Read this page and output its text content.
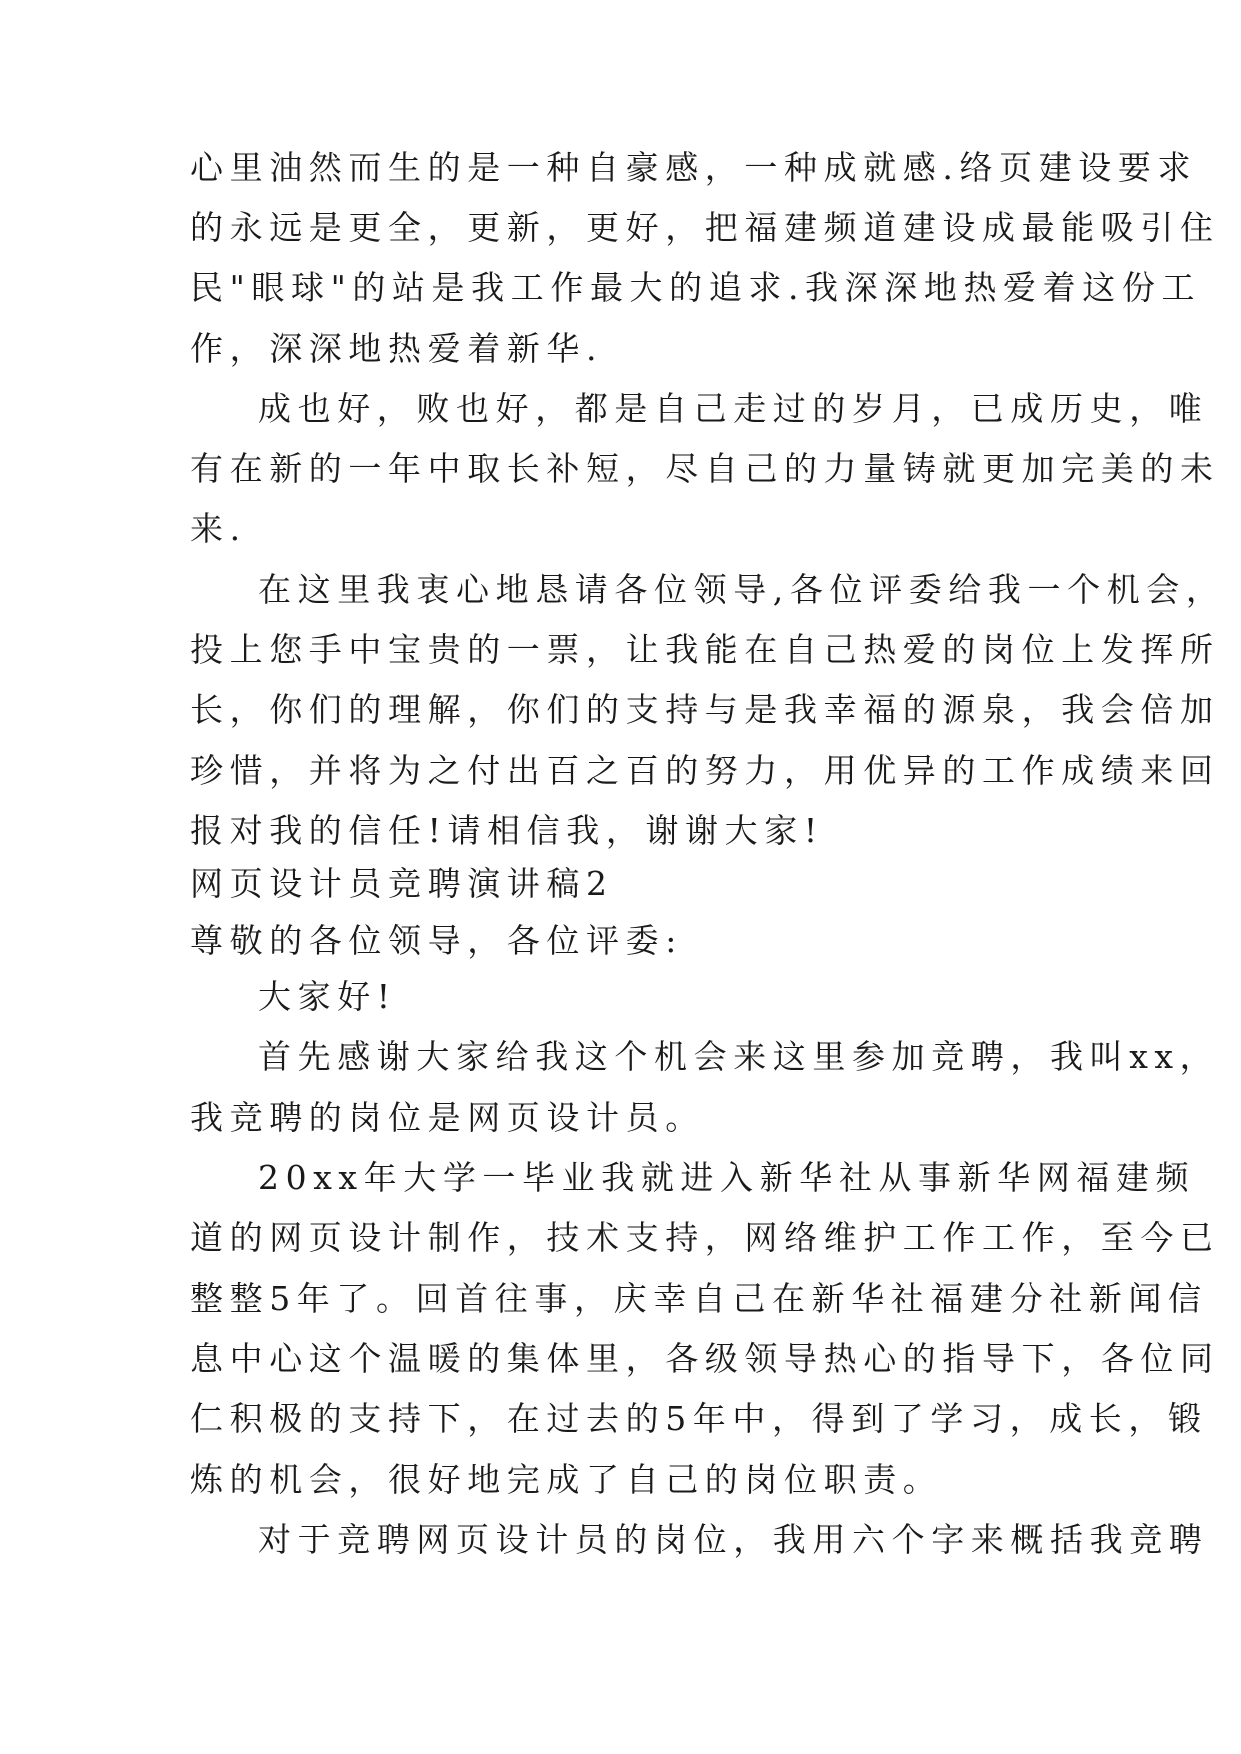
心里油然而生的是一种自豪感，一种成就感.络页建设要求
的永远是更全，更新，更好，把福建频道建设成最能吸引住
民"眼球"的站是我工作最大的追求.我深深地热爱着这份工
作，深深地热爱着新华.
成也好，败也好，都是自己走过的岁月，已成历史，唯
有在新的一年中取长补短，尽自己的力量铸就更加完美的未
来.
在这里我衷心地恳请各位领导,各位评委给我一个机会，
投上您手中宝贵的一票，让我能在自己热爱的岗位上发挥所
长，你们的理解，你们的支持与是我幸福的源泉，我会倍加
珍惜，并将为之付出百之百的努力，用优异的工作成绩来回
报对我的信任!请相信我，谢谢大家!
网页设计员竞聘演讲稿2
尊敬的各位领导，各位评委:
大家好!
首先感谢大家给我这个机会来这里参加竞聘，我叫xx，
我竞聘的岗位是网页设计员。
20xx年大学一毕业我就进入新华社从事新华网福建频
道的网页设计制作，技术支持，网络维护工作工作，至今已
整整5年了。回首往事，庆幸自己在新华社福建分社新闻信
息中心这个温暖的集体里，各级领导热心的指导下，各位同
仁积极的支持下，在过去的5年中，得到了学习，成长，锻
炼的机会，很好地完成了自己的岗位职责。
对于竞聘网页设计员的岗位，我用六个字来概括我竞聘
